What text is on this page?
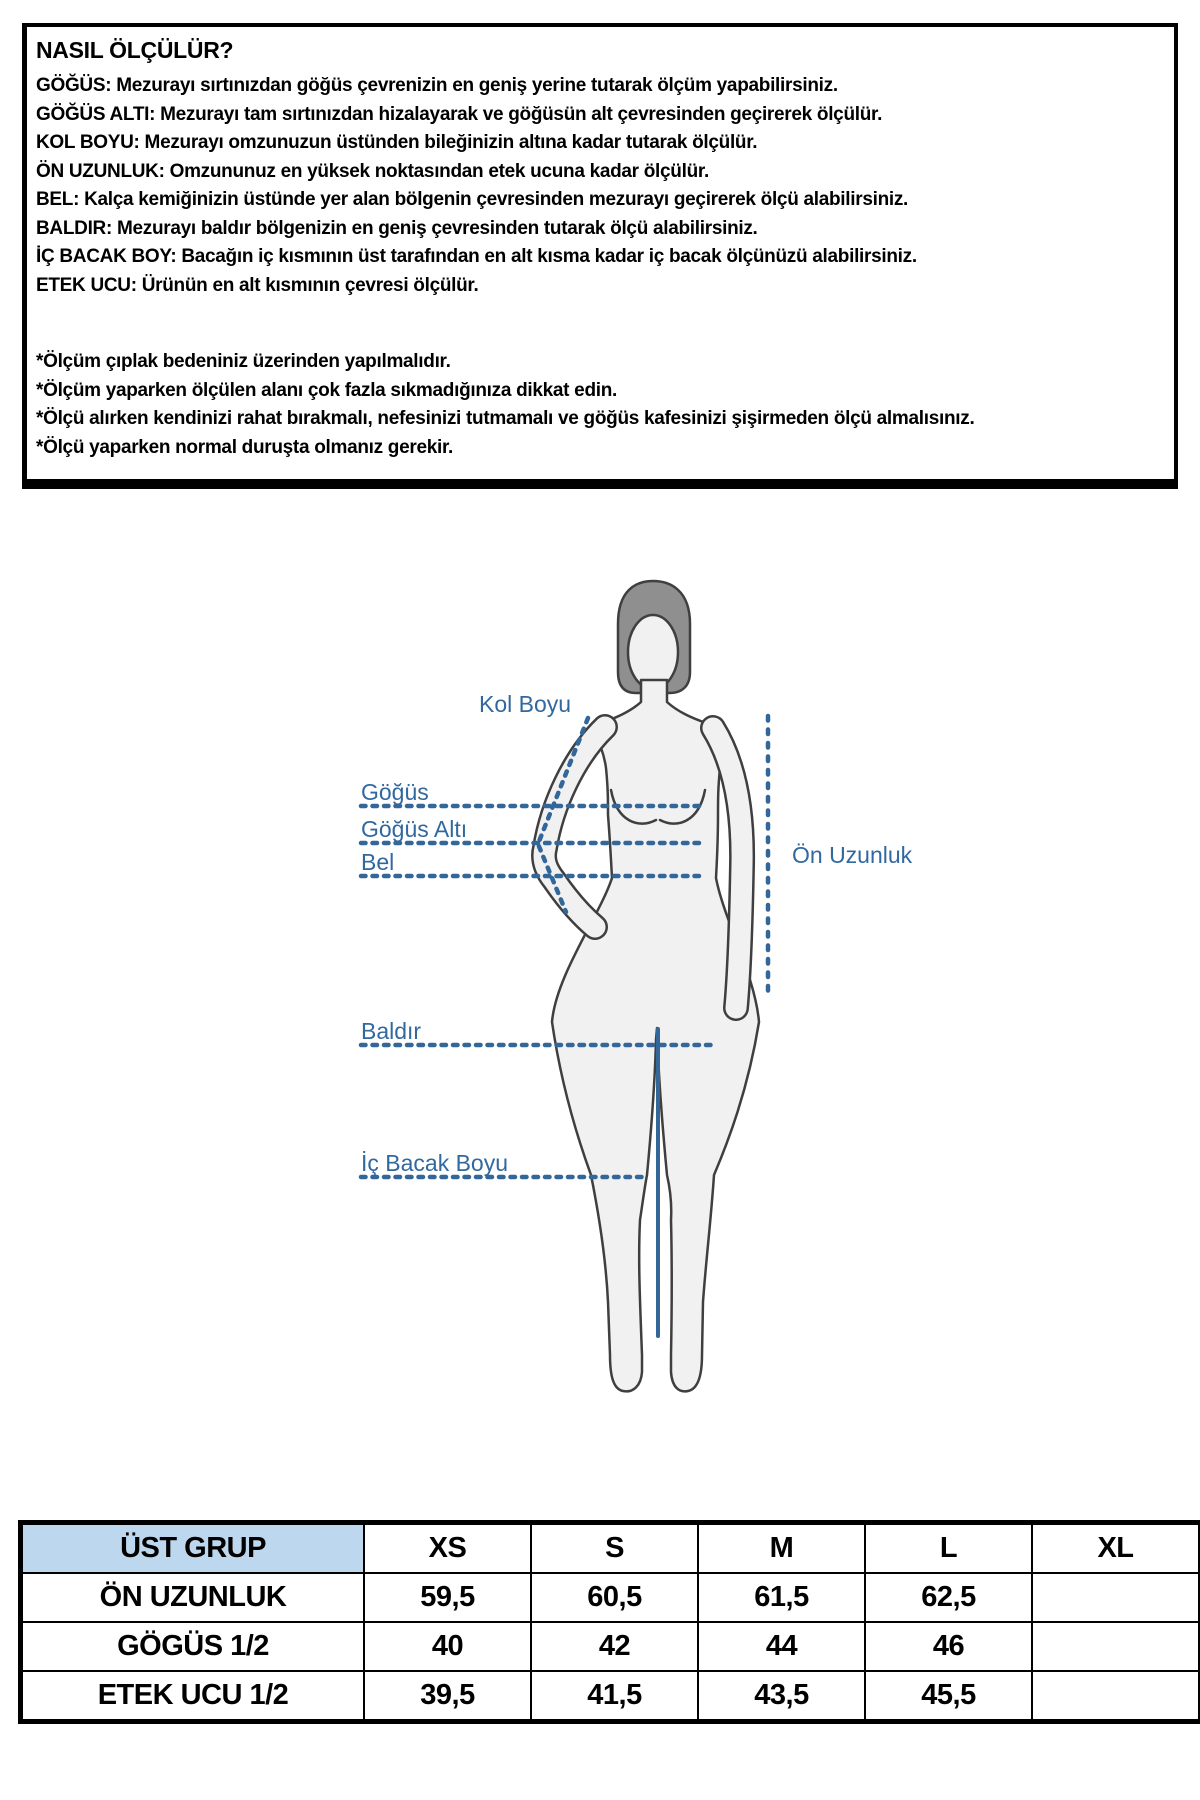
NASIL ÖLÇÜLÜR?

GÖĞÜS: Mezurayı sırtınızdan göğüs çevrenizin en geniş yerine tutarak ölçüm yapabilirsiniz.

GÖĞÜS ALTI: Mezurayı tam sırtınızdan hizalayarak ve göğüsün alt çevresinden geçirerek ölçülür.

KOL BOYU: Mezurayı omzunuzun üstünden bileğinizin altına kadar tutarak ölçülür.

ÖN UZUNLUK: Omzununuz en yüksek noktasından etek ucuna kadar ölçülür.

BEL: Kalça kemiğinizin üstünde yer alan bölgenin çevresinden mezurayı geçirerek ölçü alabilirsiniz.

BALDIR: Mezurayı baldır bölgenizin en geniş çevresinden tutarak ölçü alabilirsiniz.

İÇ BACAK BOY: Bacağın iç kısmının üst tarafından en alt kısma kadar iç bacak ölçünüzü alabilirsiniz.

ETEK UCU: Ürünün en alt kısmının çevresi ölçülür.

*Ölçüm çıplak bedeniniz üzerinden yapılmalıdır.

*Ölçüm yaparken ölçülen alanı çok fazla sıkmadığınıza dikkat edin.

*Ölçü alırken kendinizi rahat bırakmalı, nefesinizi tutmamalı ve göğüs kafesinizi şişirmeden ölçü almalısınız.

*Ölçü yaparken normal duruşta olmanız gerekir.

Kol Boyu
Göğüs
Göğüs Altı
Bel	Ön Uzunluk
Baldır
İç Bacak Boyu
ÜST GRUP	XS	S	M	L	XL
ÖN UZUNLUK	59,5	60,5	61,5	62,5	
GÖGÜS 1/2	40	42	44	46	
ETEK UCU 1/2	39,5	41,5	43,5	45,5	
